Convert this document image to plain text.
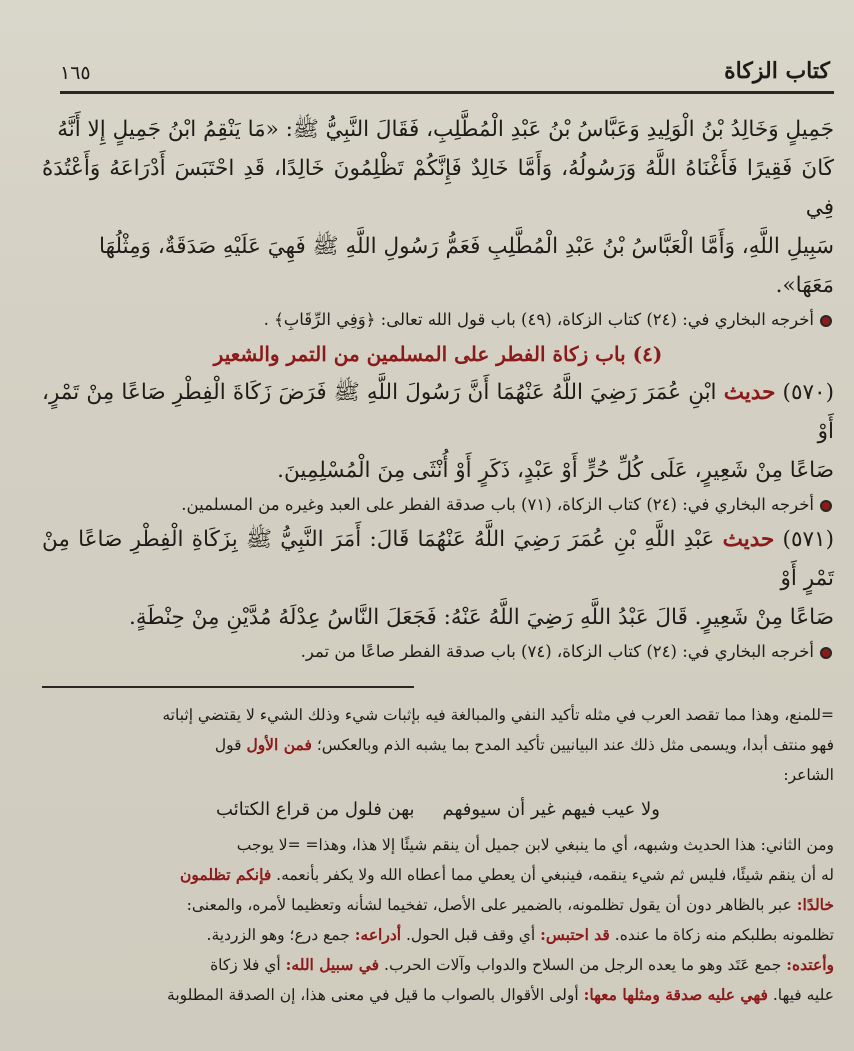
كتاب الزكاة
١٦٥

جَمِيلٍ وَخَالِدُ بْنُ الْوَلِيدِ وَعَبَّاسُ بْنُ عَبْدِ الْمُطَّلِبِ، فَقَالَ النَّبِيُّ ﷺ: «مَا يَنْقِمُ ابْنُ جَمِيلٍ إِلا أَنَّهُ

كَانَ فَقِيرًا فَأَغْنَاهُ اللَّهُ وَرَسُولُهُ، وَأَمَّا خَالِدٌ فَإِنَّكُمْ تَظْلِمُونَ خَالِدًا، قَدِ احْتَبَسَ أَدْرَاعَهُ وَأَعْتُدَهُ فِي

سَبِيلِ اللَّهِ، وَأَمَّا الْعَبَّاسُ بْنُ عَبْدِ الْمُطَّلِبِ فَعَمُّ رَسُولِ اللَّهِ ﷺ فَهِيَ عَلَيْهِ صَدَقَةٌ، وَمِثْلُهَا

مَعَهَا».

أخرجه البخاري في: (٢٤) كتاب الزكاة، (٤٩) باب قول الله تعالى: ﴿وَفِي الرِّقَابِ﴾ .

(٤) باب زكاة الفطر على المسلمين من التمر والشعير

(٥٧٠) حديث ابْنِ عُمَرَ رَضِيَ اللَّهُ عَنْهُمَا أَنَّ رَسُولَ اللَّهِ ﷺ فَرَضَ زَكَاةَ الْفِطْرِ صَاعًا مِنْ تَمْرٍ، أَوْ

صَاعًا مِنْ شَعِيرٍ، عَلَى كُلِّ حُرٍّ أَوْ عَبْدٍ، ذَكَرٍ أَوْ أُنْثَى مِنَ الْمُسْلِمِينَ.

أخرجه البخاري في: (٢٤) كتاب الزكاة، (٧١) باب صدقة الفطر على العبد وغيره من المسلمين.

(٥٧١) حديث عَبْدِ اللَّهِ بْنِ عُمَرَ رَضِيَ اللَّهُ عَنْهُمَا قَالَ: أَمَرَ النَّبِيُّ ﷺ بِزَكَاةِ الْفِطْرِ صَاعًا مِنْ تَمْرٍ أَوْ

صَاعًا مِنْ شَعِيرٍ. قَالَ عَبْدُ اللَّهِ رَضِيَ اللَّهُ عَنْهُ: فَجَعَلَ النَّاسُ عِدْلَهُ مُدَّيْنِ مِنْ حِنْطَةٍ.

أخرجه البخاري في: (٢٤) كتاب الزكاة، (٧٤) باب صدقة الفطر صاعًا من تمر.

=للمنع، وهذا مما تقصد العرب في مثله تأكيد النفي والمبالغة فيه بإثبات شيء وذلك الشيء لا يقتضي إثباته

فهو منتف أبدا، ويسمى مثل ذلك عند البيانيين تأكيد المدح بما يشبه الذم وبالعكس؛ فمن الأول قول

الشاعر:

ولا عيب فيهم غير أن سيوفهمبهن فلول من قراع الكتائب

ومن الثاني: هذا الحديث وشبهه، أي ما ينبغي لابن جميل أن ينقم شيئًا إلا هذا، وهذا= =لا يوجب

له أن ينقم شيئًا، فليس ثم شيء ينقمه، فينبغي أن يعطي مما أعطاه الله ولا يكفر بأنعمه. فإنكم تظلمون

خالدًا: عبر بالظاهر دون أن يقول تظلمونه، بالضمير على الأصل، تفخيما لشأنه وتعظيما لأمره، والمعنى:

تظلمونه بطلبكم منه زكاة ما عنده. قد احتبس: أي وقف قبل الحول. أدراعه: جمع درع؛ وهو الزردية.

وأعتده: جمع عَتَد وهو ما يعده الرجل من السلاح والدواب وآلات الحرب. في سبيل الله: أي فلا زكاة

عليه فيها. فهي عليه صدقة ومثلها معها: أولى الأقوال بالصواب ما قيل في معنى هذا، إن الصدقة المطلوبة
